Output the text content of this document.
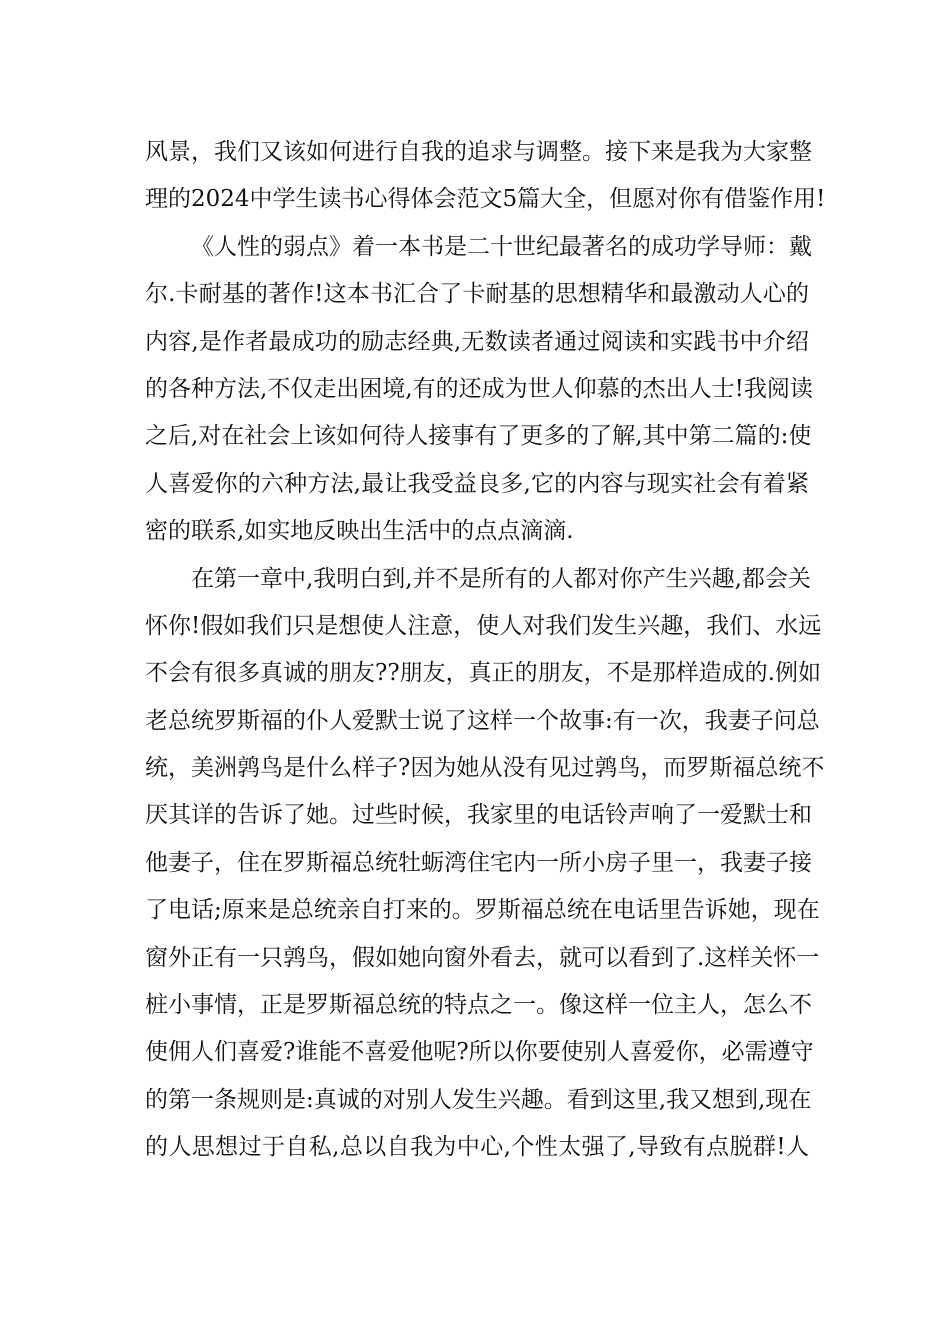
风景，我们又该如何进行自我的追求与调整。接下来是我为大家整
理的2024中学生读书心得体会范文5篇大全，但愿对你有借鉴作用!
《人性的弱点》着一本书是二十世纪最著名的成功学导师：戴
尔.卡耐基的著作!这本书汇合了卡耐基的思想精华和最激动人心的
内容,是作者最成功的励志经典,无数读者通过阅读和实践书中介绍
的各种方法,不仅走出困境,有的还成为世人仰慕的杰出人士!我阅读
之后,对在社会上该如何待人接事有了更多的了解,其中第二篇的:使
人喜爱你的六种方法,最让我受益良多,它的内容与现实社会有着紧
密的联系,如实地反映出生活中的点点滴滴.
在第一章中,我明白到,并不是所有的人都对你产生兴趣,都会关
怀你!假如我们只是想使人注意，使人对我们发生兴趣，我们、水远
不会有很多真诚的朋友??朋友，真正的朋友，不是那样造成的.例如
老总统罗斯福的仆人爱默士说了这样一个故事:有一次，我妻子问总
统，美洲鹑鸟是什么样子?因为她从没有见过鹑鸟，而罗斯福总统不
厌其详的告诉了她。过些时候，我家里的电话铃声响了一爱默士和
他妻子，住在罗斯福总统牡蛎湾住宅内一所小房子里一，我妻子接
了电话;原来是总统亲自打来的。罗斯福总统在电话里告诉她，现在
窗外正有一只鹑鸟，假如她向窗外看去，就可以看到了.这样关怀一
桩小事情，正是罗斯福总统的特点之一。像这样一位主人，怎么不
使佣人们喜爱?谁能不喜爱他呢?所以你要使别人喜爱你，必需遵守
的第一条规则是:真诚的对别人发生兴趣。看到这里,我又想到,现在
的人思想过于自私,总以自我为中心,个性太强了,导致有点脱群!人
